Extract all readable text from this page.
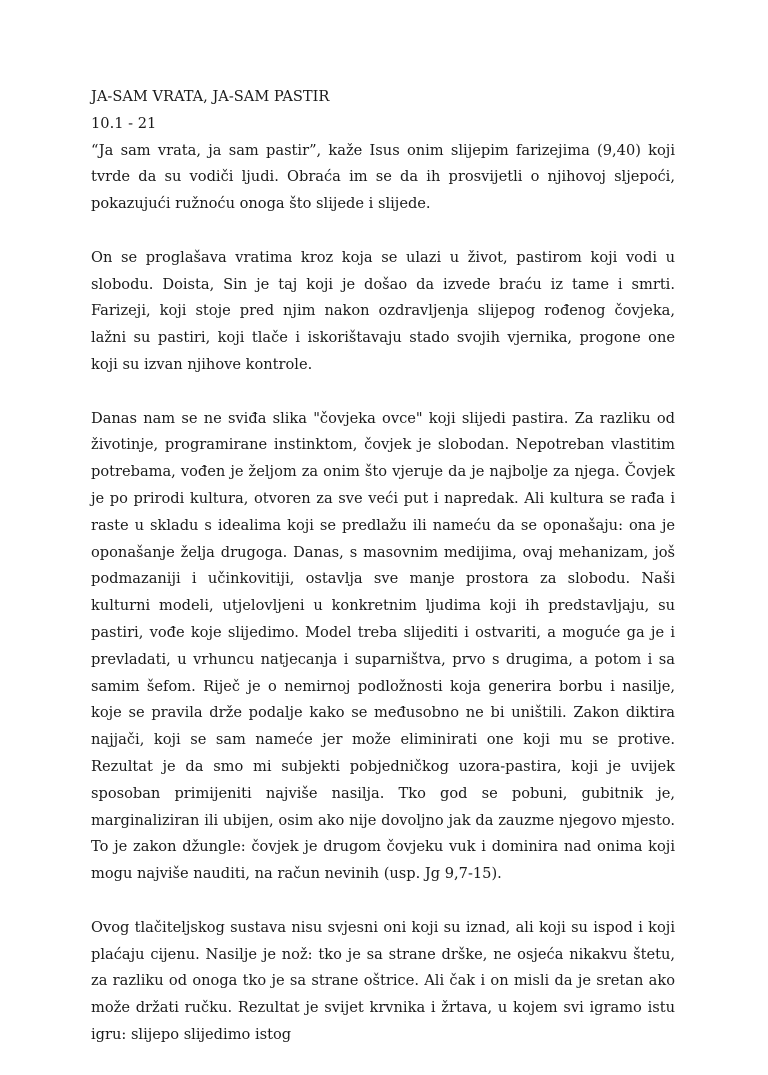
JA-SAM VRATA, JA-SAM PASTIR

10.1 - 21

“Ja sam vrata, ja sam pastir”, kaže Isus onim slijepim farizejima (9,40) koji tvrde da su vodiči ljudi. Obraća im se da ih prosvijetli o njihovoj sljepoći, pokazujući ružnoću onoga što slijede i slijede.

On se proglašava vratima kroz koja se ulazi u život, pastirom koji vodi u slobodu. Doista, Sin je taj koji je došao da izvede braću iz tame i smrti. Farizeji, koji stoje pred njim nakon ozdravljenja slijepog rođenog čovjeka, lažni su pastiri, koji tlače i iskorištavaju stado svojih vjernika, progone one koji su izvan njihove kontrole.

Danas nam se ne sviđa slika "čovjeka ovce" koji slijedi pastira. Za razliku od životinje, programirane instinktom, čovjek je slobodan. Nepotreban vlastitim potrebama, vođen je željom za onim što vjeruje da je najbolje za njega. Čovjek je po prirodi kultura, otvoren za sve veći put i napredak. Ali kultura se rađa i raste u skladu s idealima koji se predlažu ili nameću da se oponašaju: ona je oponašanje želja drugoga. Danas, s masovnim medijima, ovaj mehanizam, još podmazaniji i učinkovitiji, ostavlja sve manje prostora za slobodu. Naši kulturni modeli, utjelovljeni u konkretnim ljudima koji ih predstavljaju, su pastiri, vođe koje slijedimo. Model treba slijediti i ostvariti, a moguće ga je i prevladati, u vrhuncu natjecanja i suparništva, prvo s drugima, a potom i sa samim šefom. Riječ je o nemirnoj podložnosti koja generira borbu i nasilje, koje se pravila drže podalje kako se međusobno ne bi uništili. Zakon diktira najjači, koji se sam nameće jer može eliminirati one koji mu se protive. Rezultat je da smo mi subjekti pobjedničkog uzora-pastira, koji je uvijek sposoban primijeniti najviše nasilja. Tko god se pobuni, gubitnik je, marginaliziran ili ubijen, osim ako nije dovoljno jak da zauzme njegovo mjesto. To je zakon džungle: čovjek je drugom čovjeku vuk i dominira nad onima koji mogu najviše nauditi, na račun nevinih (usp. Jg 9,7-15).

Ovog tlačiteljskog sustava nisu svjesni oni koji su iznad, ali koji su ispod i koji plaćaju cijenu. Nasilje je nož: tko je sa strane drške, ne osjeća nikakvu štetu, za razliku od onoga tko je sa strane oštrice. Ali čak i on misli da je sretan ako može držati ručku. Rezultat je svijet krvnika i žrtava, u kojem svi igramo istu igru: slijepo slijedimo istog
